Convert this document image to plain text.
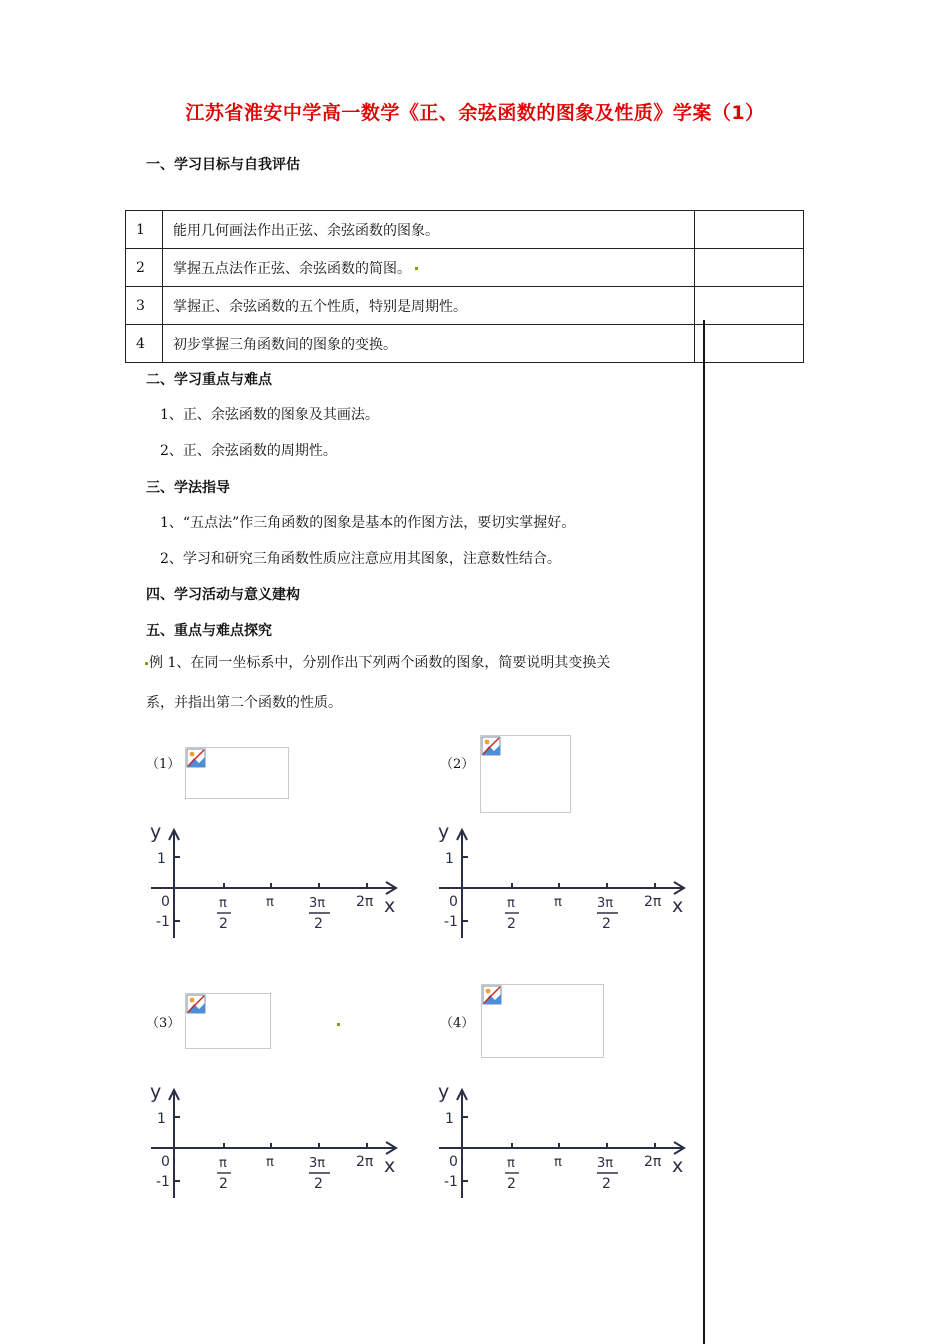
江苏省淮安中学高一数学《正、余弦函数的图象及性质》学案（1）
一、学习目标与自我评估
1	能用几何画法作出正弦、余弦函数的图象。	
2	掌握五点法作正弦、余弦函数的简图。	
3	掌握正、余弦函数的五个性质，特别是周期性。	
4	初步掌握三角函数间的图象的变换。	
二、学习重点与难点
1、正、余弦函数的图象及其画法。
2、正、余弦函数的周期性。
三、学法指导
1、“五点法”作三角函数的图象是基本的作图方法，要切实掌握好。
2、学习和研究三角函数性质应注意应用其图象，注意数性结合。
四、学习活动与意义建构
五、重点与难点探究
例 1、在同一坐标系中，分别作出下列两个函数的图象，简要说明其变换关
系，并指出第二个函数的性质。
（1）	（2）
（3）	（4）
y
x
1
0
-1
π
2
π	3π
2
2π
y
x
1
0
-1
π
2
π	3π
2
2π
y
x
1
0
-1
π
2
π	3π
2
2π
y
x
1
0
-1
π
2
π	3π
2
2π
